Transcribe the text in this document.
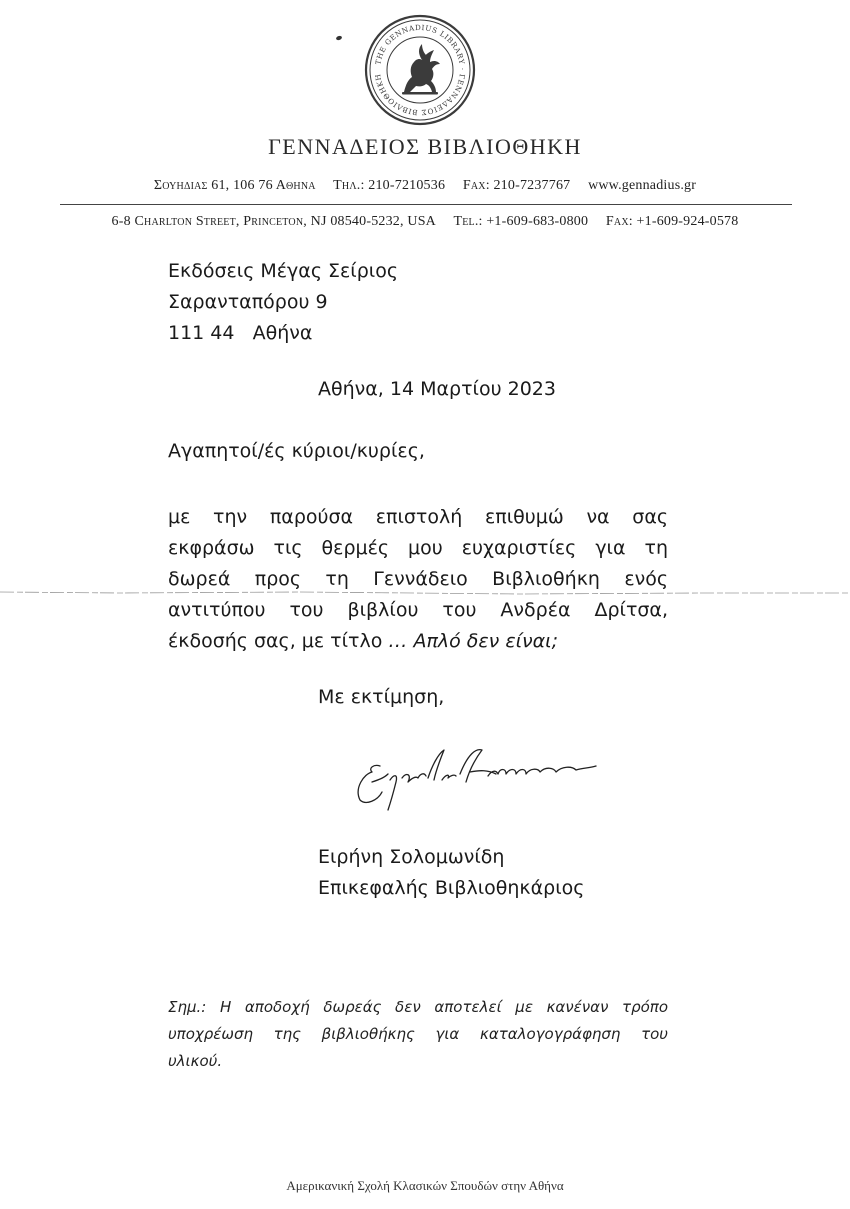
THE GENNADIUS LIBRARY · ΓΕΝΝΑΔΕΙΟΣ ΒΙΒΛΙΟΘΗΚΗ
ΓΕΝΝΑΔΕΙΟΣ ΒΙΒΛΙΟΘΗΚΗ
Σουηδιασ 61, 106 76 Αθηνα Τηλ.: 210-7210536 Fax: 210-7237767 www.gennadius.gr
6-8 Charlton Street, Princeton, NJ 08540-5232, USA Tel.: +1-609-683-0800 Fax: +1-609-924-0578
Εκδόσεις Μέγας Σείριος
Σαρανταπόρου 9
111 44   Αθήνα
Αθήνα, 14 Μαρτίου 2023
Αγαπητοί/ές κύριοι/κυρίες,
με την παρούσα επιστολή επιθυμώ να σας
εκφράσω τις θερμές μου ευχαριστίες για τη
δωρεά προς τη Γεννάδειο Βιβλιοθήκη ενός
αντιτύπου του βιβλίου του Ανδρέα Δρίτσα,
έκδοσής σας, με τίτλο … Απλό δεν είναι;
Με εκτίμηση,
Ειρήνη Σολομωνίδη
Επικεφαλής Βιβλιοθηκάριος
Σημ.: Η αποδοχή δωρεάς δεν αποτελεί με κανέναν τρόπο
υποχρέωση της βιβλιοθήκης για καταλογογράφηση του
υλικού.
Αμερικανική Σχολή Κλασικών Σπουδών στην Αθήνα
